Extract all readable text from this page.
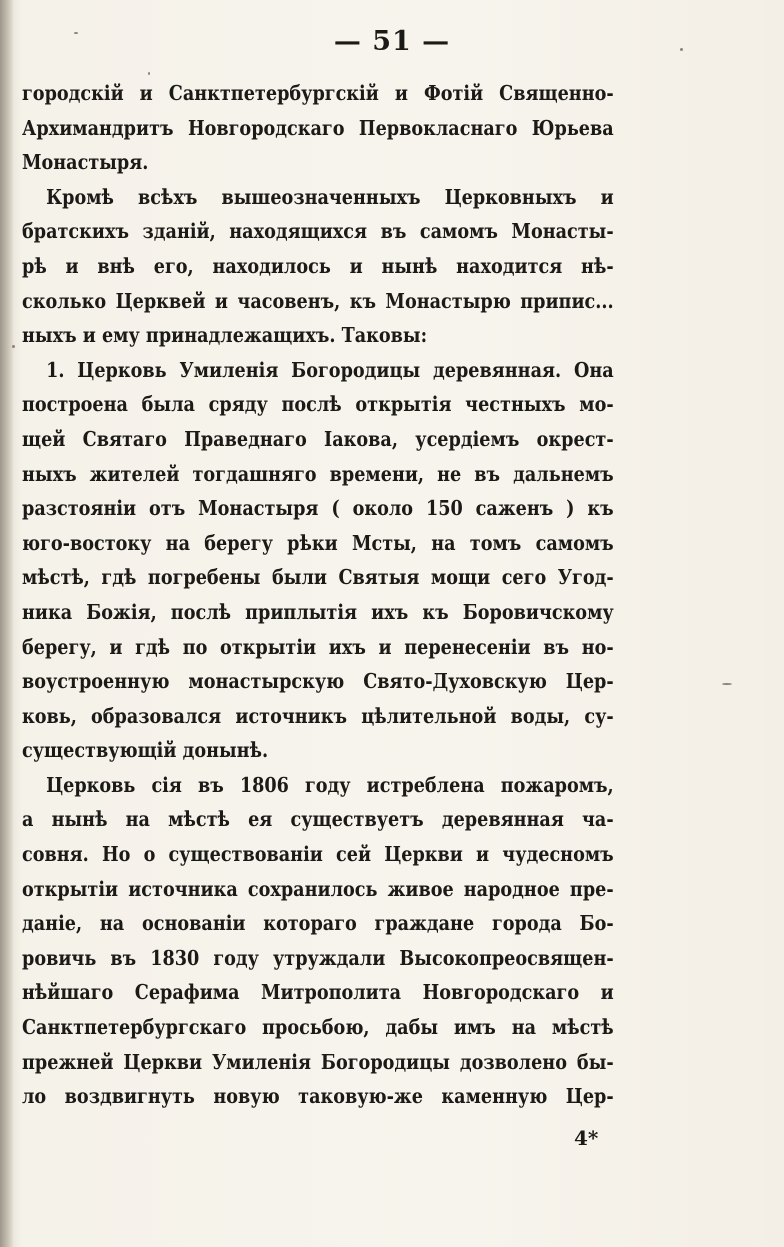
— 51 —
городскій и Санктпетербургскій и Фотій Священно-
Архимандритъ Новгородскаго Первокласнаго Юрьева
Монастыря.
Кромѣ всѣхъ вышеозначенныхъ Церковныхъ и
братскихъ зданій, находящихся въ самомъ Монасты-
рѣ и внѣ его, находилось и нынѣ находится нѣ-
сколько Церквей и часовенъ, къ Монастырю припис...
ныхъ и ему принадлежащихъ. Таковы:
1. Церковь Умиленія Богородицы деревянная. Она
построена была сряду послѣ открытія честныхъ мо-
щей Святаго Праведнаго Іакова, усердіемъ окрест-
ныхъ жителей тогдашняго времени, не въ дальнемъ
разстояніи отъ Монастыря ( около 150 саженъ ) къ
юго-востоку на берегу рѣки Мсты, на томъ самомъ
мѣстѣ, гдѣ погребены были Святыя мощи сего Угод-
ника Божія, послѣ приплытія ихъ къ Боровичскому
берегу, и гдѣ по открытіи ихъ и перенесеніи въ но-
воустроенную монастырскую Свято-Духовскую Цер-
ковь, образовался источникъ цѣлительной воды, су-
существующій донынѣ.
Церковь сія въ 1806 году истреблена пожаромъ,
а нынѣ на мѣстѣ ея существуетъ деревянная ча-
совня. Но о существованіи сей Церкви и чудесномъ
открытіи источника сохранилось живое народное пре-
даніе, на основаніи котораго граждане города Бо-
ровичь въ 1830 году утруждали Высокопреосвящен-
нѣйшаго Серафима Митрополита Новгородскаго и
Санктпетербургскаго просьбою, дабы имъ на мѣстѣ
прежней Церкви Умиленія Богородицы дозволено бы-
ло воздвигнуть новую таковую-же каменную Цер-
4*
